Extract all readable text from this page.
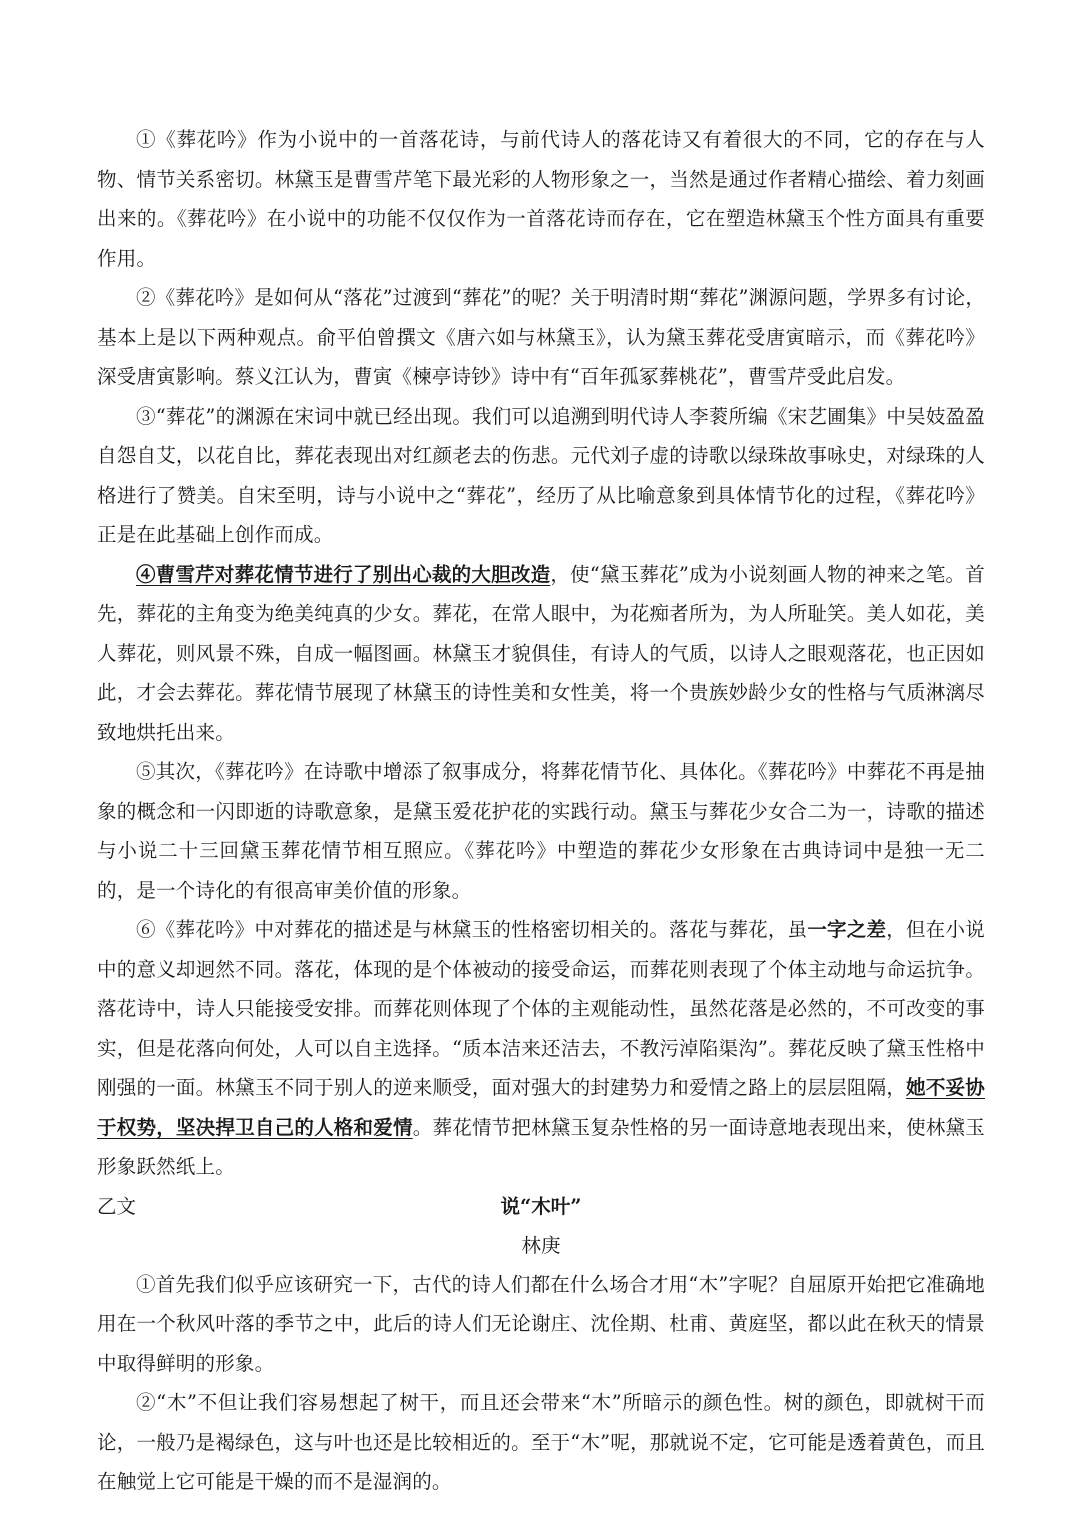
①《葬花吟》作为小说中的一首落花诗，与前代诗人的落花诗又有着很大的不同，它的存在与人物、情节关系密切。林黛玉是曹雪芹笔下最光彩的人物形象之一，当然是通过作者精心描绘、着力刻画出来的。《葬花吟》在小说中的功能不仅仅作为一首落花诗而存在，它在塑造林黛玉个性方面具有重要作用。

②《葬花吟》是如何从“落花”过渡到“葬花”的呢？关于明清时期“葬花”渊源问题，学界多有讨论，基本上是以下两种观点。俞平伯曾撰文《唐六如与林黛玉》，认为黛玉葬花受唐寅暗示，而《葬花吟》深受唐寅影响。蔡义江认为，曹寅《楝亭诗钞》诗中有“百年孤冢葬桃花”，曹雪芹受此启发。

③“葬花”的渊源在宋词中就已经出现。我们可以追溯到明代诗人李蓘所编《宋艺圃集》中吴妓盈盈自怨自艾，以花自比，葬花表现出对红颜老去的伤悲。元代刘子虚的诗歌以绿珠故事咏史，对绿珠的人格进行了赞美。自宋至明，诗与小说中之“葬花”，经历了从比喻意象到具体情节化的过程，《葬花吟》正是在此基础上创作而成。

④曹雪芹对葬花情节进行了别出心裁的大胆改造，使“黛玉葬花”成为小说刻画人物的神来之笔。首先，葬花的主角变为绝美纯真的少女。葬花，在常人眼中，为花痴者所为，为人所耻笑。美人如花，美人葬花，则风景不殊，自成一幅图画。林黛玉才貌俱佳，有诗人的气质，以诗人之眼观落花，也正因如此，才会去葬花。葬花情节展现了林黛玉的诗性美和女性美，将一个贵族妙龄少女的性格与气质淋漓尽致地烘托出来。

⑤其次，《葬花吟》在诗歌中增添了叙事成分，将葬花情节化、具体化。《葬花吟》中葬花不再是抽象的概念和一闪即逝的诗歌意象，是黛玉爱花护花的实践行动。黛玉与葬花少女合二为一，诗歌的描述与小说二十三回黛玉葬花情节相互照应。《葬花吟》中塑造的葬花少女形象在古典诗词中是独一无二的，是一个诗化的有很高审美价值的形象。

⑥《葬花吟》中对葬花的描述是与林黛玉的性格密切相关的。落花与葬花，虽一字之差，但在小说中的意义却迥然不同。落花，体现的是个体被动的接受命运，而葬花则表现了个体主动地与命运抗争。落花诗中，诗人只能接受安排。而葬花则体现了个体的主观能动性，虽然花落是必然的，不可改变的事实，但是花落向何处，人可以自主选择。“质本洁来还洁去，不教污淖陷渠沟”。葬花反映了黛玉性格中刚强的一面。林黛玉不同于别人的逆来顺受，面对强大的封建势力和爱情之路上的层层阻隔，她不妥协于权势，坚决捍卫自己的人格和爱情。葬花情节把林黛玉复杂性格的另一面诗意地表现出来，使林黛玉形象跃然纸上。

乙文	说“木叶”
林庚

①首先我们似乎应该研究一下，古代的诗人们都在什么场合才用“木”字呢？自屈原开始把它准确地用在一个秋风叶落的季节之中，此后的诗人们无论谢庄、沈佺期、杜甫、黄庭坚，都以此在秋天的情景中取得鲜明的形象。

②“木”不但让我们容易想起了树干，而且还会带来“木”所暗示的颜色性。树的颜色，即就树干而论，一般乃是褐绿色，这与叶也还是比较相近的。至于“木”呢，那就说不定，它可能是透着黄色，而且在触觉上它可能是干燥的而不是湿润的。
